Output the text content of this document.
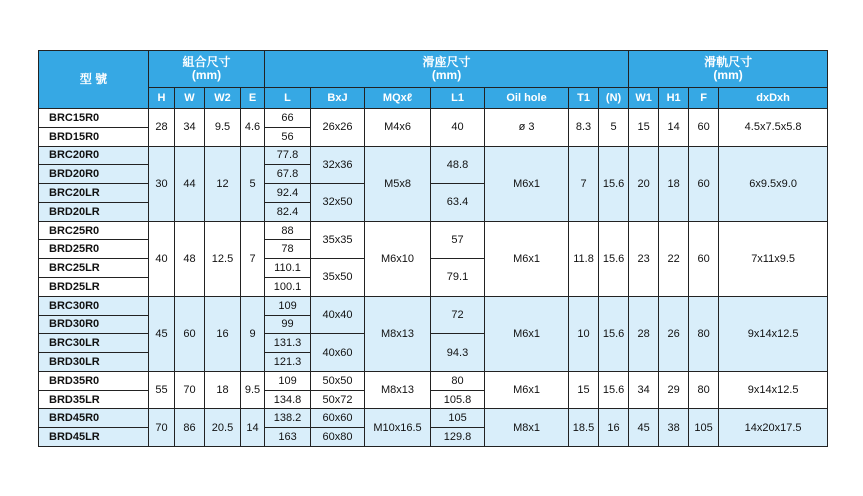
型 號	組合尺寸
(mm)				滑座尺寸
(mm)							滑軌尺寸
(mm)			

	H	W	W2	E	L	BxJ	MQxℓ	L1	Oil hole	T1	(N)	W1	H1	F	dxDxh
BRC15R0	28	34	9.5	4.6	66	26x26	M4x6	40	ø 3	8.3	5	15	14	60	4.5x7.5x5.8
BRD15R0					56										
BRC20R0	30	44	12	5	77.8	32x36	M5x8	48.8	M6x1	7	15.6	20	18	60	6x9.5x9.0
BRD20R0					67.8										
BRC20LR					92.4	32x50		63.4							
BRD20LR					82.4										
BRC25R0	40	48	12.5	7	88	35x35	M6x10	57	M6x1	11.8	15.6	23	22	60	7x11x9.5
BRD25R0					78										
BRC25LR					110.1	35x50		79.1							
BRD25LR					100.1										
BRC30R0	45	60	16	9	109	40x40	M8x13	72	M6x1	10	15.6	28	26	80	9x14x12.5
BRD30R0					99										
BRC30LR					131.3	40x60		94.3							
BRD30LR					121.3										
BRD35R0	55	70	18	9.5	109	50x50	M8x13	80	M6x1	15	15.6	34	29	80	9x14x12.5
BRD35LR					134.8	50x72		105.8							
BRD45R0	70	86	20.5	14	138.2	60x60	M10x16.5	105	M8x1	18.5	16	45	38	105	14x20x17.5
BRD45LR					163	60x80		129.8							
